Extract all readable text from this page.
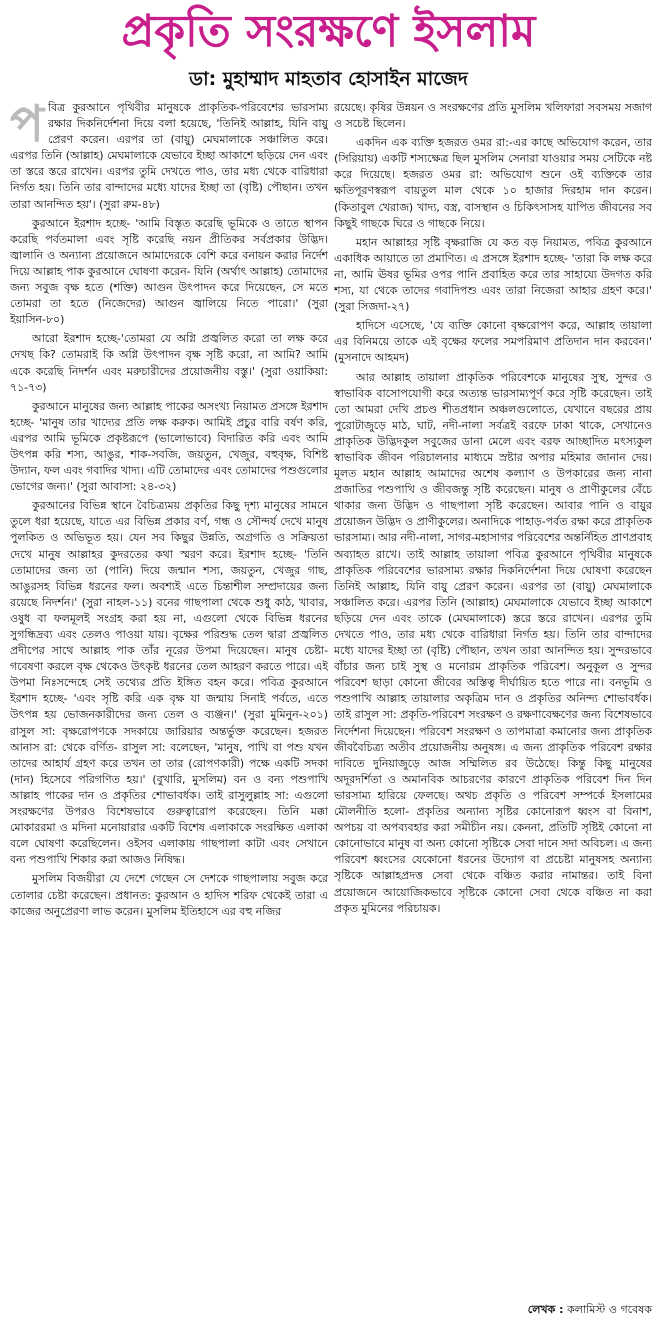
প্রকৃতি সংরক্ষণে ইসলাম
ডা: মুহাম্মাদ মাহতাব হোসাইন মাজেদ

পবিত্র কুরআনে পৃথিবীর মানুষকে প্রাকৃতিক-পরিবেশের ভারসাম্য রক্ষার দিকনির্দেশনা দিয়ে বলা হয়েছে, 'তিনিই আল্লাহ, যিনি বায়ু প্রেরণ করেন। এরপর তা (বায়ু) মেঘমালাকে সঞ্চালিত করে। এরপর তিনি (আল্লাহ) মেঘমালাকে যেভাবে ইচ্ছা আকাশে ছড়িয়ে দেন এবং তা স্তরে স্তরে রাখেন। এরপর তুমি দেখতে পাও, তার মধ্য থেকে বারিধারা নির্গত হয়। তিনি তার বান্দাদের মধ্যে যাদের ইচ্ছা তা (বৃষ্টি) পৌছান। তখন তারা আনন্দিত হয়'। (সুরা রুম-৪৮)

কুরআনে ইরশাদ হচ্ছে- 'আমি বিস্তৃত করেছি ভূমিকে ও তাতে স্থাপন করেছি পর্বতমালা এবং সৃষ্টি করেছি নয়ন প্রীতিকর সর্বপ্রকার উদ্ভিদ। জ্বালানি ও অন্যান্য প্রয়োজনে আমাদেরকে বেশি করে বনায়ন করার নির্দেশ দিয়ে আল্লাহ পাক কুরআনে ঘোষণা করেন- যিনি (অর্থাৎ আল্লাহ) তোমাদের জন্য সবুজ বৃক্ষ হতে (শক্তি) আগুন উৎপাদন করে দিয়েছেন, সে মতে তোমরা তা হতে (নিজেদের) আগুন জ্বালিয়ে নিতে পারো।' (সুরা ইয়াসিন-৮০)

আরো ইরশাদ হচ্ছে-'তোমরা যে অগ্নি প্রজ্বলিত করো তা লক্ষ করে দেখছ কি? তোমরাই কি অগ্নি উৎপাদন বৃক্ষ সৃষ্টি করো, না আমি? আমি একে করেছি নিদর্শন এবং মরুচারীদের প্রয়োজনীয় বস্তু।' (সুরা ওয়াকিয়া: ৭১-৭৩)

কুরআনে মানুষের জন্য আল্লাহ পাকের অসংখ্য নিয়ামত প্রসঙ্গে ইরশাদ হচ্ছে- 'মানুষ তার খাদ্যের প্রতি লক্ষ করুক। আমিই প্রচুর বারি বর্ষণ করি, এরপর আমি ভূমিকে প্রকৃষ্টরূপে (ভালোভাবে) বিদারিত করি এবং আমি উৎপন্ন করি শস্য, আঙুর, শাক-সবজি, জয়তুন, খেজুর, বহুবৃক্ষ, বিশিষ্ট উদ্যান, ফল এবং গবাদির খাদ্য। এটি তোমাদের এবং তোমাদের পশুগুলোর ভোগের জন্য।' (সুরা আবাসা: ২৪-৩২)

কুরআনের বিভিন্ন স্থানে বৈচিত্র্যময় প্রকৃতির কিছু দৃশ্য মানুষের সামনে তুলে ধরা হয়েছে, যাতে এর বিভিন্ন প্রকার বর্ণ, গন্ধ ও সৌন্দর্য দেখে মানুষ পুলকিত ও অভিভূত হয়। যেন সব কিছুর উন্নতি, অগ্রগতি ও সক্রিয়তা দেখে মানুষ আল্লাহর কুদরতের কথা স্মরণ করে। ইরশাদ হচ্ছে- 'তিনি তোমাদের জন্য তা (পানি) দিয়ে জন্মান শস্য, জয়তুন, খেজুর গাছ, আঙুরসহ বিভিন্ন ধরনের ফল। অবশ্যই এতে চিন্তাশীল সম্প্রদায়ের জন্য রয়েছে নিদর্শন।' (সুরা নাহল-১১) বনের গাছপালা থেকে শুধু কাঠ, খাবার, ওষুধ বা ফলমূলই সংগ্রহ করা হয় না, এগুলো থেকে বিভিন্ন ধরনের সুগন্ধিদ্রব্য এবং তেলও পাওয়া যায়। বৃক্ষের পরিশুদ্ধ তেল দ্বারা প্রজ্বলিত প্রদীপের সাথে আল্লাহ পাক তাঁর নূরের উপমা দিয়েছেন। মানুষ চেষ্টা-গবেষণা করলে বৃক্ষ থেকেও উৎকৃষ্ট ধরনের তেল আহরণ করতে পারে। এই উপমা নিঃসন্দেহে সেই তথ্যের প্রতি ইঙ্গিত বহন করে। পবিত্র কুরআনে ইরশাদ হচ্ছে- 'এবং সৃষ্টি করি এক বৃক্ষ যা জন্মায় সিনাই পর্বতে, এতে উৎপন্ন হয় ভোজনকারীদের জন্য তেল ও ব্যঞ্জন।' (সুরা মুমিনুন-২০১) রাসুল সা: বৃক্ষরোপণকে সদকায়ে জারিয়ার অন্তর্ভুক্ত করেছেন। হজরত আনাস রা: থেকে বর্ণিত- রাসুল সা: বলেছেন, 'মানুষ, পাখি বা পশু যখন তাদের আহার্য গ্রহণ করে তখন তা তার (রোপণকারী) পক্ষে একটি সদকা (দান) হিসেবে পরিগণিত হয়।' (বুখারি, মুসলিম) বন ও বন্য পশুপাখি আল্লাহ পাকের দান ও প্রকৃতির শোভাবর্ধক। তাই রাসুলুল্লাহ সা: এগুলো সংরক্ষণের উপরও বিশেষভাবে গুরুত্বারোপ করেছেন। তিনি মক্কা মোকাররমা ও মদিনা মনোয়ারার একটি বিশেষ এলাকাকে সংরক্ষিত এলাকা বলে ঘোষণা করেছিলেন। ওইসব এলাকায় গাছপালা কাটা এবং সেখানে বন্য পশুপাখি শিকার করা আজও নিষিদ্ধ।

মুসলিম বিজয়ীরা যে দেশে গেছেন সে দেশকে গাছপালায় সবুজ করে তোলার চেষ্টা করেছেন। প্রধানত: কুরআন ও হাদিস শরিফ থেকেই তারা এ কাজের অনুপ্রেরণা লাভ করেন। মুসলিম ইতিহাসে এর বহু নজির

রয়েছে। কৃষির উন্নয়ন ও সংরক্ষণের প্রতি মুসলিম খলিফারা সবসময় সজাগ ও সচেষ্ট ছিলেন।

একদিন এক ব্যক্তি হজরত ওমর রা:-এর কাছে অভিযোগ করেন, তার (সিরিয়ায়) একটি শস্যক্ষেত্র ছিল মুসলিম সেনারা যাওয়ার সময় সেটিকে নষ্ট করে দিয়েছে। হজরত ওমর রা: অভিযোগ শুনে ওই ব্যক্তিকে তার ক্ষতিপূরণস্বরূপ বায়তুল মাল থেকে ১০ হাজার দিরহাম দান করেন। (কিতাবুল খেরাজ) খাদ্য, বস্ত্র, বাসস্থান ও চিকিৎসাসহ যাপিত জীবনের সব কিছুই গাছকে ঘিরে ও গাছকে নিয়ে।

মহান আল্লাহর সৃষ্টি বৃক্ষরাজি যে কত বড় নিয়ামত, পবিত্র কুরআনে একাধিক আয়াতে তা প্রমাণিত। এ প্রসঙ্গে ইরশাদ হচ্ছে- 'তারা কি লক্ষ করে না, আমি ঊষর ভূমির ওপর পানি প্রবাহিত করে তার সাহায্যে উদগত করি শস্য, যা থেকে তাদের গবাদিপশু এবং তারা নিজেরা আহার গ্রহণ করে।' (সুরা সিজদা-২৭)

হাদিসে এসেছে, 'যে ব্যক্তি কোনো বৃক্ষরোপণ করে, আল্লাহ তায়ালা এর বিনিময়ে তাকে এই বৃক্ষের ফলের সমপরিমাণ প্রতিদান দান করবেন।' (মুসনাদে আহমদ)

আর আল্লাহ তায়ালা প্রাকৃতিক পরিবেশকে মানুষের সুস্থ, সুন্দর ও স্বাভাবিক বাসোপযোগী করে অত্যন্ত ভারসাম্যপূর্ণ করে সৃষ্টি করেছেন। তাই তো আমরা দেখি প্রচণ্ড শীতপ্রধান অঞ্চলগুলোতে, যেখানে বছরের প্রায় পুরোটাজুড়ে মাঠ, ঘাট, নদী-নালা সর্বত্রই বরফে ঢাকা থাকে, সেখানেও প্রাকৃতিক উদ্ভিদকুল সবুজের ডানা মেলে এবং বরফ আচ্ছাদিত মৎস্যকুল স্বাভাবিক জীবন পরিচালনার মাধ্যমে স্রষ্টার অপার মহিমার জানান দেয়। মূলত মহান আল্লাহ আমাদের অশেষ কল্যাণ ও উপকারের জন্য নানা প্রজাতির পশুপাখি ও জীবজন্তু সৃষ্টি করেছেন। মানুষ ও প্রাণীকুলের বেঁচে থাকার জন্য উদ্ভিদ ও গাছপালা সৃষ্টি করেছেন। আবার পানি ও বায়ুর প্রয়োজন উদ্ভিদ ও প্রাণীকুলের। অনাদিকে পাহাড়-পর্বত রক্ষা করে প্রাকৃতিক ভারসাম্য। আর নদী-নালা, সাগর-মহাসাগর পরিবেশের অন্তর্নিহিত প্রাণপ্রবাহ অব্যাহত রাখে। তাই আল্লাহ তায়ালা পবিত্র কুরআনে পৃথিবীর মানুষকে প্রাকৃতিক পরিবেশের ভারসাম্য রক্ষার দিকনির্দেশনা দিয়ে ঘোষণা করেছেন তিনিই আল্লাহ, যিনি বায়ু প্রেরণ করেন। এরপর তা (বায়ু) মেঘমালাকে সঞ্চালিত করে। এরপর তিনি (আল্লাহ) মেঘমালাকে যেভাবে ইচ্ছা আকাশে ছড়িয়ে দেন এবং তাকে (মেঘমালাকে) স্তরে স্তরে রাখেন। এরপর তুমি দেখতে পাও, তার মধ্য থেকে বারিধারা নির্গত হয়। তিনি তার বান্দাদের মধ্যে যাদের ইচ্ছা তা (বৃষ্টি) পৌছান, তখন তারা আনন্দিত হয়। সুন্দরভাবে বাঁচার জন্য চাই সুস্থ ও মনোরম প্রাকৃতিক পরিবেশ। অনুকূল ও সুন্দর পরিবেশ ছাড়া কোনো জীবের অস্তিত্ব দীর্ঘায়িত হতে পারে না। বনভূমি ও পশুপাখি আল্লাহ তায়ালার অকৃত্রিম দান ও প্রকৃতির অনিন্দ্য শোভাবর্ধক। তাই রাসুল সা: প্রকৃতি-পরিবেশ সংরক্ষণ ও রক্ষণাবেক্ষণের জন্য বিশেষভাবে নির্দেশনা দিয়েছেন। পরিবেশ সংরক্ষণ ও তাপমাত্রা কমানোর জন্য প্রাকৃতিক জীববৈচিত্র্য অতীব প্রয়োজনীয় অনুষঙ্গ। এ জন্য প্রাকৃতিক পরিবেশ রক্ষার দাবিতে দুনিয়াজুড়ে আজ সম্মিলিত রব উঠেছে। কিন্তু কিছু মানুষের অদূরদর্শিতা ও অমানবিক আচরণের কারণে প্রাকৃতিক পরিবেশ দিন দিন ভারসাম্য হারিয়ে ফেলছে। অথচ প্রকৃতি ও পরিবেশ সম্পর্কে ইসলামের মৌলনীতি হলো- প্রকৃতির অন্যান্য সৃষ্টির কোনোরূপ ধ্বংস বা বিনাশ, অপচয় বা অপব্যবহার করা সমীচীন নয়। কেননা, প্রতিটি সৃষ্টিই কোনো না কোনোভাবে মানুষ বা অন্য কোনো সৃষ্টিকে সেবা দানে সদা অবিচল। এ জন্য পরিবেশ ধ্বংসের যেকোনো ধরনের উদ্যোগ বা প্রচেষ্টা মানুষসহ অন্যান্য সৃষ্টিকে আল্লাহপ্রদত্ত সেবা থেকে বঞ্চিত করার নামান্তর। তাই বিনা প্রয়োজনে আয়োজিকভাবে সৃষ্টিকে কোনো সেবা থেকে বঞ্চিত না করা প্রকৃত মুমিনের পরিচায়ক।

লেখক : কলামিস্ট ও গবেষক
